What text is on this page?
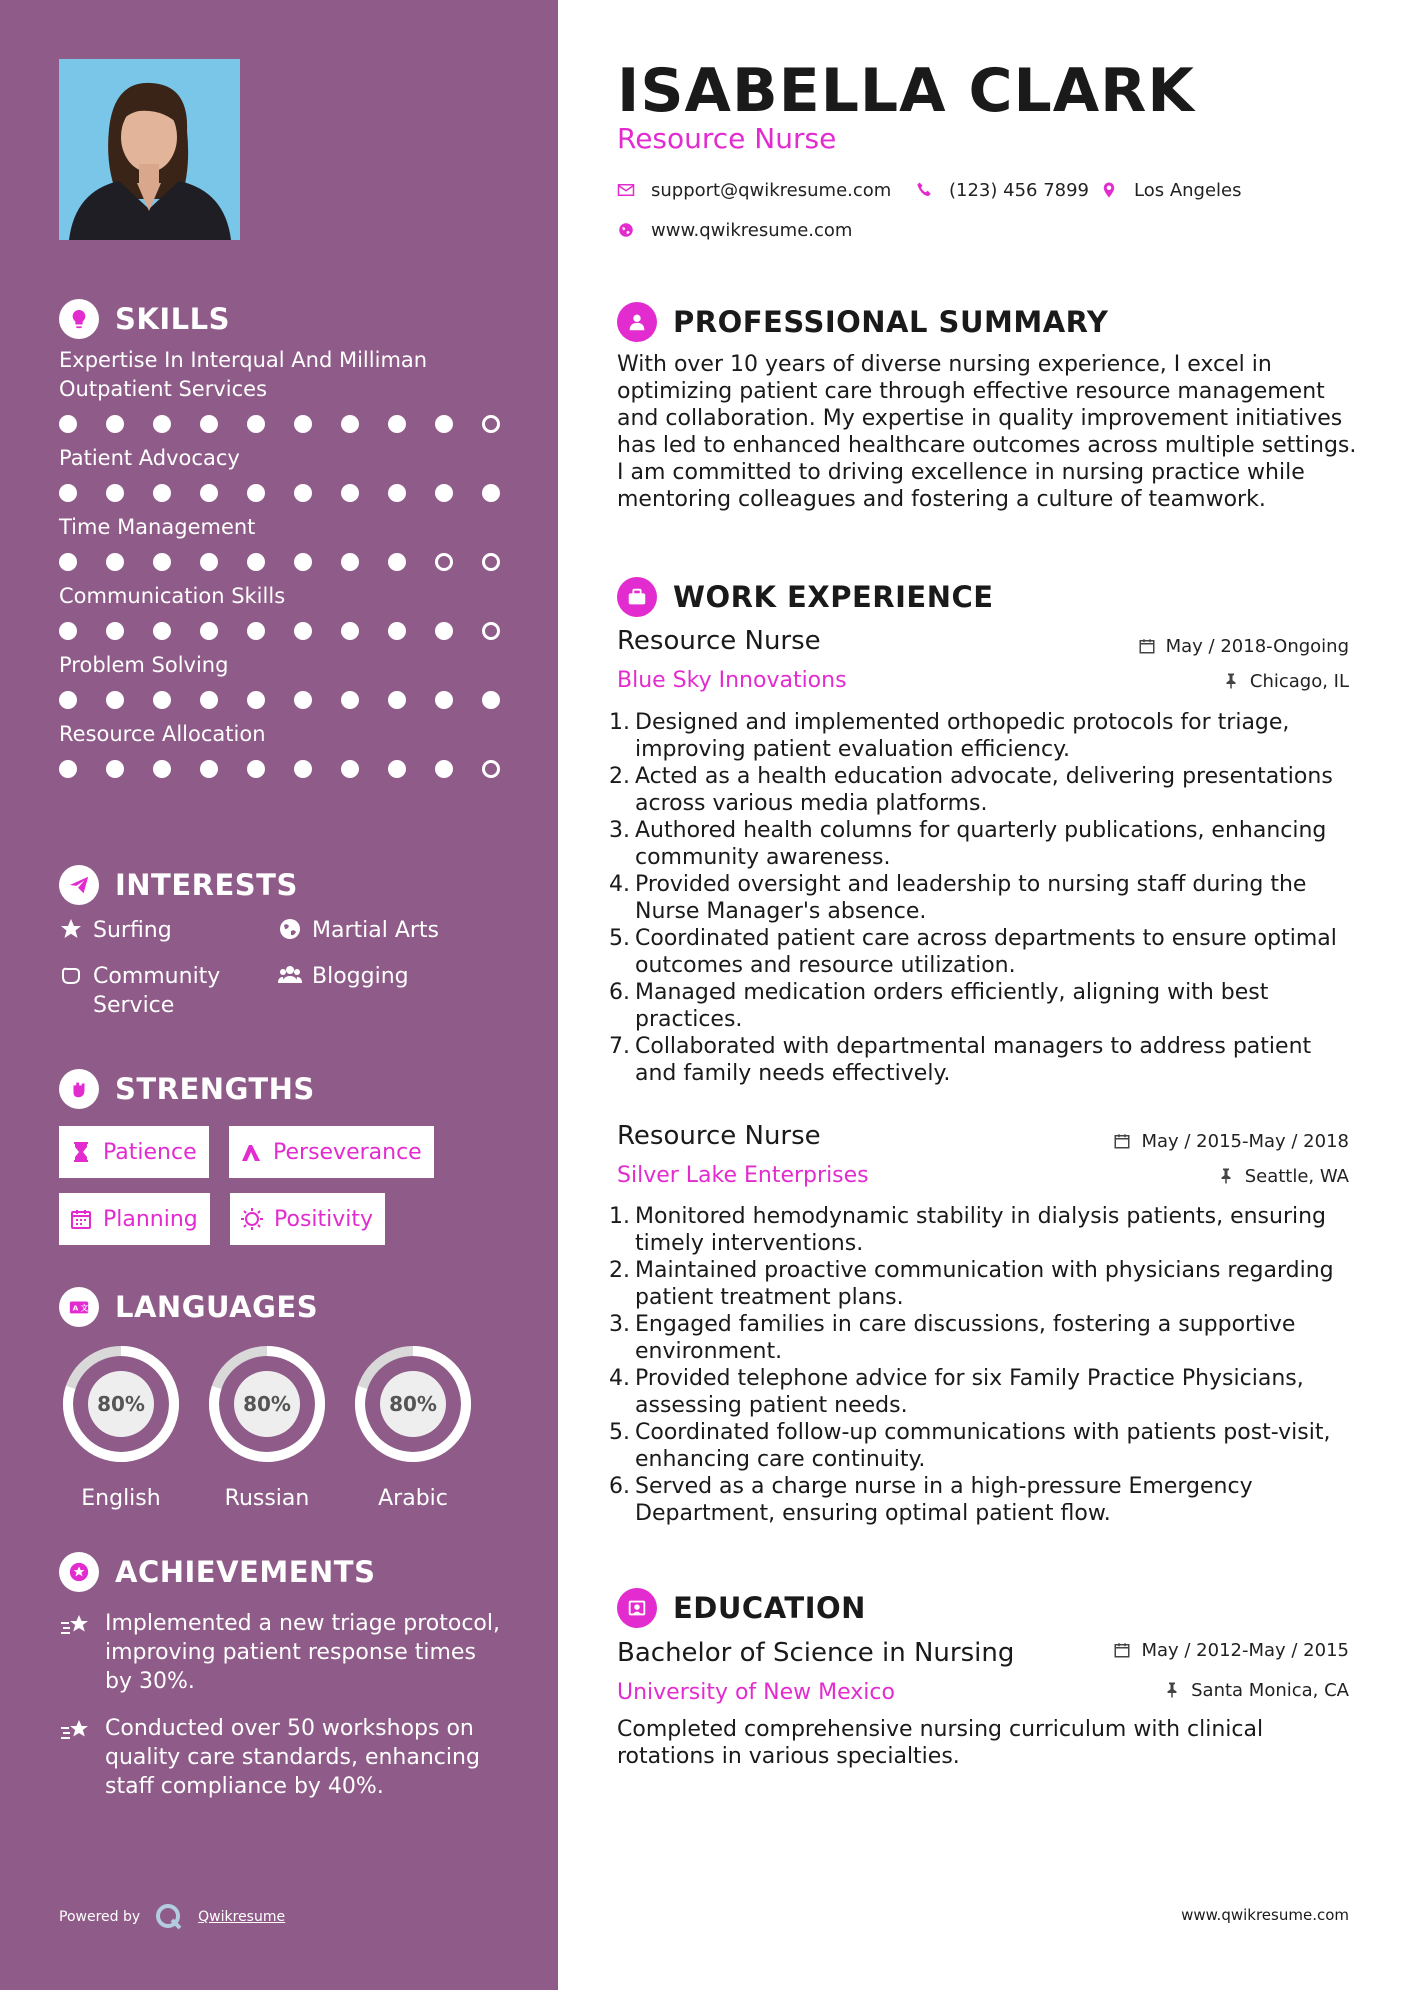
SKILLS
Expertise In Interqual And Milliman Outpatient Services
Patient Advocacy
Time Management
Communication Skills
Problem Solving
Resource Allocation
INTERESTS
Surfing	Martial Arts
Community Service
Blogging
STRENGTHS
Patience	Perseverance
Planning	Positivity
A 文 LANGUAGES
80%
English
80%
Russian
80%
Arabic
ACHIEVEMENTS
Implemented a new triage protocol, improving patient response times by 30%.
Conducted over 50 workshops on quality care standards, enhancing staff compliance by 40%.
Powered by	Qwikresume
ISABELLA CLARK
Resource Nurse
support@qwikresume.com	(123) 456 7899 Los Angeles
www.qwikresume.com
PROFESSIONAL SUMMARY
With over 10 years of diverse nursing experience, I excel in optimizing patient care through effective resource management and collaboration. My expertise in quality improvement initiatives has led to enhanced healthcare outcomes across multiple settings. I am committed to driving excellence in nursing practice while mentoring colleagues and fostering a culture of teamwork.
WORK EXPERIENCE
Resource Nurse
Blue Sky Innovations
May / 2018-Ongoing
Chicago, IL
1. Designed and implemented orthopedic protocols for triage, improving patient evaluation efficiency.
2. Acted as a health education advocate, delivering presentations across various media platforms.
3. Authored health columns for quarterly publications, enhancing community awareness.
4. Provided oversight and leadership to nursing staff during the Nurse Manager's absence.
5. Coordinated patient care across departments to ensure optimal outcomes and resource utilization.
6. Managed medication orders efficiently, aligning with best practices.
7. Collaborated with departmental managers to address patient and family needs effectively.
Resource Nurse
Silver Lake Enterprises
May / 2015-May / 2018
Seattle, WA
1. Monitored hemodynamic stability in dialysis patients, ensuring timely interventions.
2. Maintained proactive communication with physicians regarding patient treatment plans.
3. Engaged families in care discussions, fostering a supportive environment.
4. Provided telephone advice for six Family Practice Physicians, assessing patient needs.
5. Coordinated follow-up communications with patients post-visit, enhancing care continuity.
6. Served as a charge nurse in a high-pressure Emergency Department, ensuring optimal patient flow.
EDUCATION
Bachelor of Science in Nursing
University of New Mexico
May / 2012-May / 2015
Santa Monica, CA
Completed comprehensive nursing curriculum with clinical rotations in various specialties.
www.qwikresume.com
